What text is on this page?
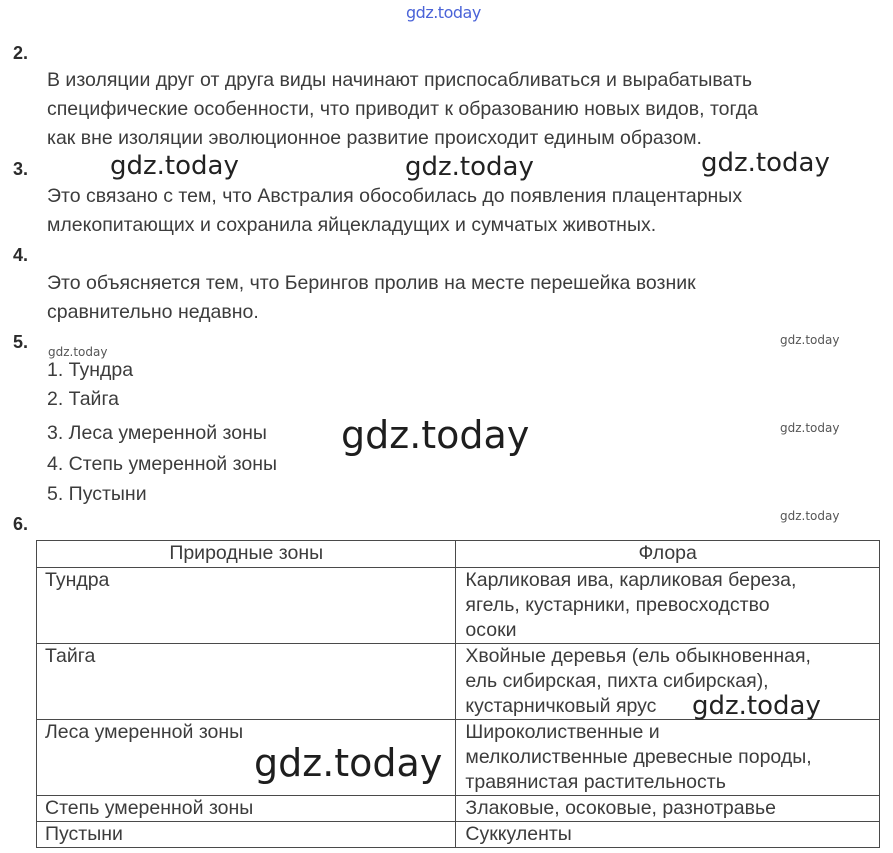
gdz.today
2.
В изоляции друг от друга виды начинают приспосабливаться и вырабатывать
специфические особенности, что приводит к образованию новых видов, тогда
как вне изоляции эволюционное развитие происходит единым образом.
3.	gdz.today	gdz.today	gdz.today
Это связано с тем, что Австралия обособилась до появления плацентарных
млекопитающих и сохранила яйцекладущих и сумчатых животных.
4.
Это объясняется тем, что Берингов пролив на месте перешейка возник
сравнительно недавно.
5. gdz.today
gdz.today
gdz.today
gdz.today
1. Тундра
2. Тайга
3. Леса умеренной зоны
4. Степь умеренной зоны
5. Пустыни
6.	gdz.today
Природные зоны	Флора
Тундра	Карликовая ива, карликовая береза,
ягель, кустарники, превосходство
осоки

Тайга	Хвойные деревья (ель обыкновенная,
ель сибирская, пихта сибирская),
кустарничковый ярус

Леса умеренной зоны	Широколиственные и
мелколиственные древесные породы,
травянистая растительность

Степь умеренной зоны	Злаковые, осоковые, разнотравье

Пустыни	Суккуленты
gdz.today
gdz.today
